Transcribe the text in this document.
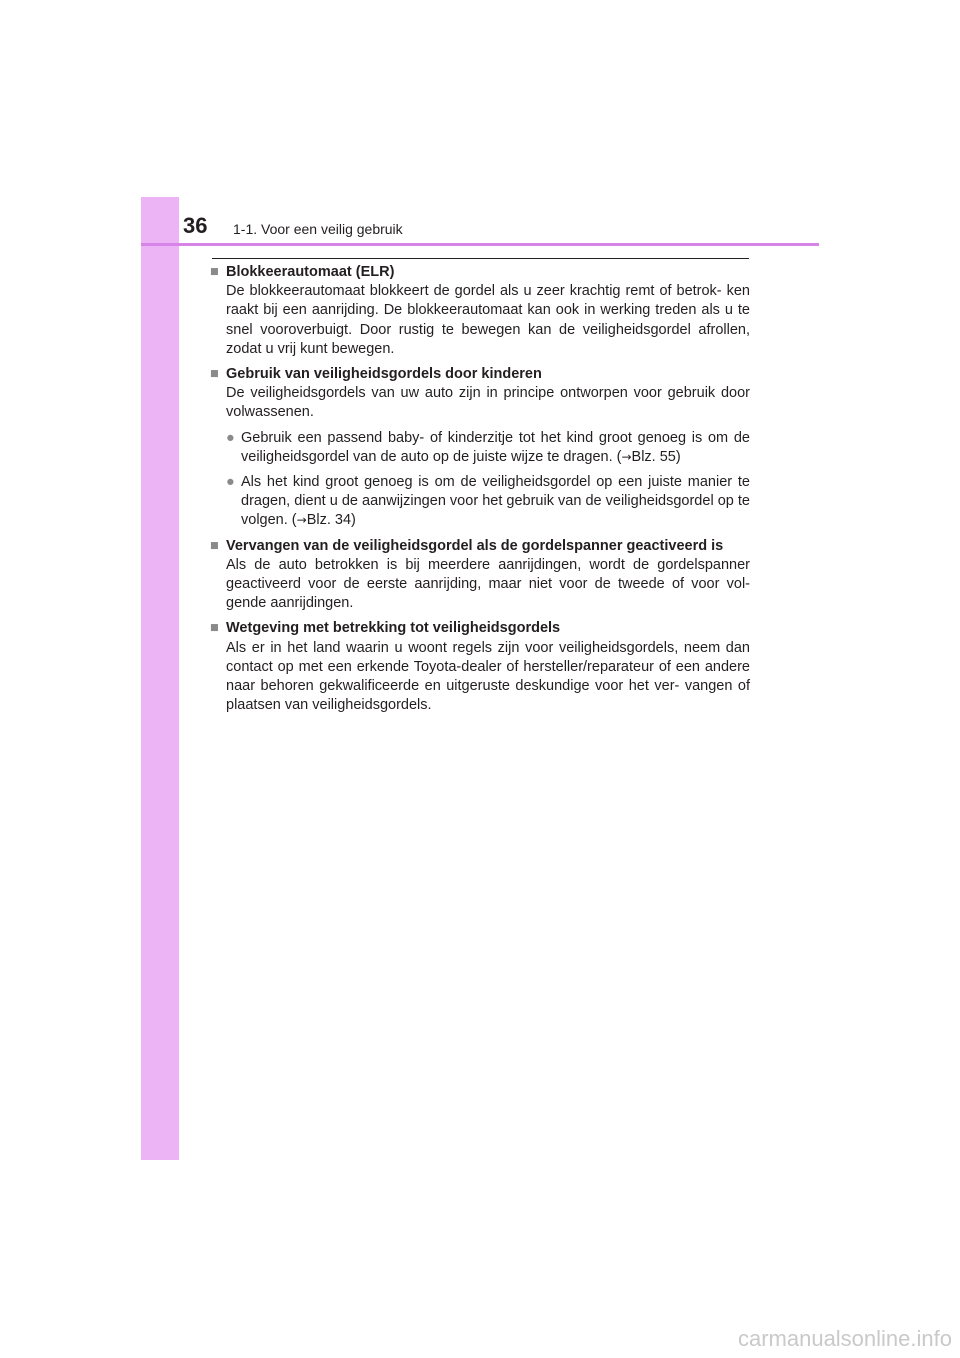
36 1-1. Voor een veilig gebruik
■ Blokkeerautomaat (ELR)
De blokkeerautomaat blokkeert de gordel als u zeer krachtig remt of betrok- ken raakt bij een aanrijding. De blokkeerautomaat kan ook in werking treden als u te snel vooroverbuigt. Door rustig te bewegen kan de veiligheidsgordel afrollen, zodat u vrij kunt bewegen.
■ Gebruik van veiligheidsgordels door kinderen
De veiligheidsgordels van uw auto zijn in principe ontworpen voor gebruik door volwassenen.
● Gebruik een passend baby- of kinderzitje tot het kind groot genoeg is om de veiligheidsgordel van de auto op de juiste wijze te dragen. (→Blz. 55)
● Als het kind groot genoeg is om de veiligheidsgordel op een juiste manier te dragen, dient u de aanwijzingen voor het gebruik van de veiligheidsgordel op te volgen. (→Blz. 34)
■ Vervangen van de veiligheidsgordel als de gordelspanner geactiveerd is
Als de auto betrokken is bij meerdere aanrijdingen, wordt de gordelspanner geactiveerd voor de eerste aanrijding, maar niet voor de tweede of voor vol- gende aanrijdingen.
■ Wetgeving met betrekking tot veiligheidsgordels
Als er in het land waarin u woont regels zijn voor veiligheidsgordels, neem dan contact op met een erkende Toyota-dealer of hersteller/reparateur of een andere naar behoren gekwalificeerde en uitgeruste deskundige voor het ver- vangen of plaatsen van veiligheidsgordels.
carmanualsonline.info
